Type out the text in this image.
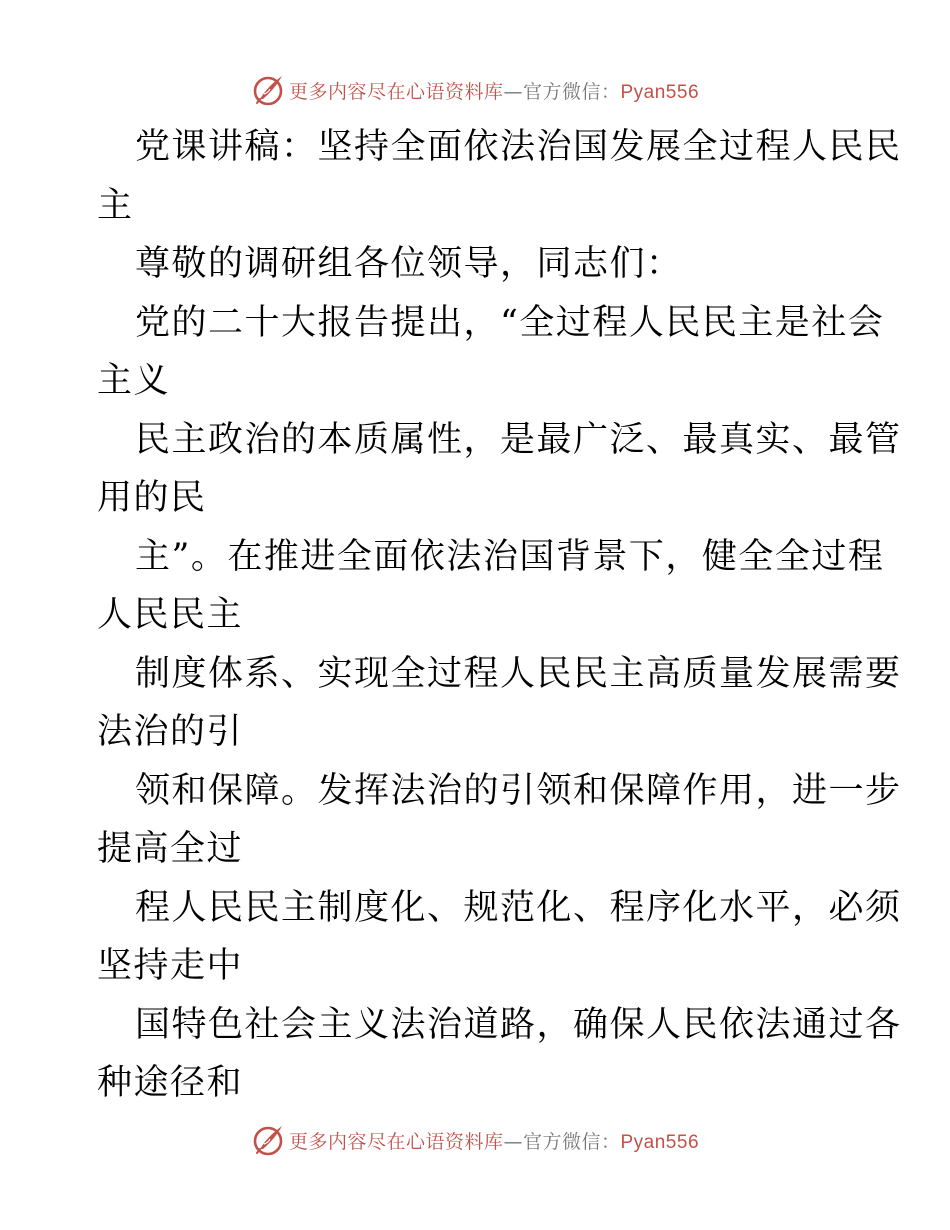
更多内容尽在心语资料库—官方微信：Pyan556
党课讲稿：坚持全面依法治国发展全过程人民民
主
尊敬的调研组各位领导，同志们：
党的二十大报告提出，“全过程人民民主是社会
主义
民主政治的本质属性，是最广泛、最真实、最管
用的民
主”。在推进全面依法治国背景下，健全全过程
人民民主
制度体系、实现全过程人民民主高质量发展需要
法治的引
领和保障。发挥法治的引领和保障作用，进一步
提高全过
程人民民主制度化、规范化、程序化水平，必须
坚持走中
国特色社会主义法治道路，确保人民依法通过各
种途径和
更多内容尽在心语资料库—官方微信：Pyan556
